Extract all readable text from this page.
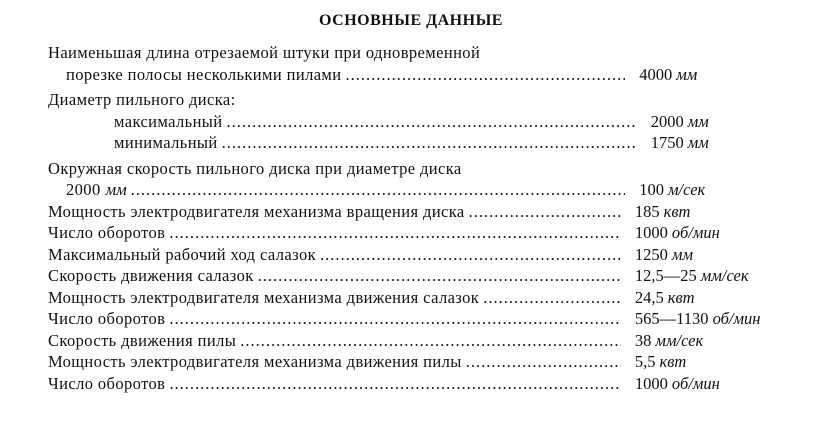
ОСНОВНЫЕ ДАННЫЕ
Наименьшая длина отрезаемой штуки при одновременной
порезке полосы несколькими пилами .....	4000 мм
Диаметр пильного диска:
максимальный .....	2000 мм
минимальный .....	1750 мм
Окружная скорость пильного диска при диаметре диска
2000 мм .....	100 м/сек
Мощность электродвигателя механизма вращения диска .....	185 квт
Число оборотов .....	1000 об/мин
Максимальный рабочий ход салазок .....	1250 мм
Скорость движения салазок .....	12,5—25 мм/сек
Мощность электродвигателя механизма движения салазок .....	24,5 квт
Число оборотов .....	565—1130 об/мин
Скорость движения пилы .....	38 мм/сек
Мощность электродвигателя механизма движения пилы .....	5,5 квт
Число оборотов .....	1000 об/мин
